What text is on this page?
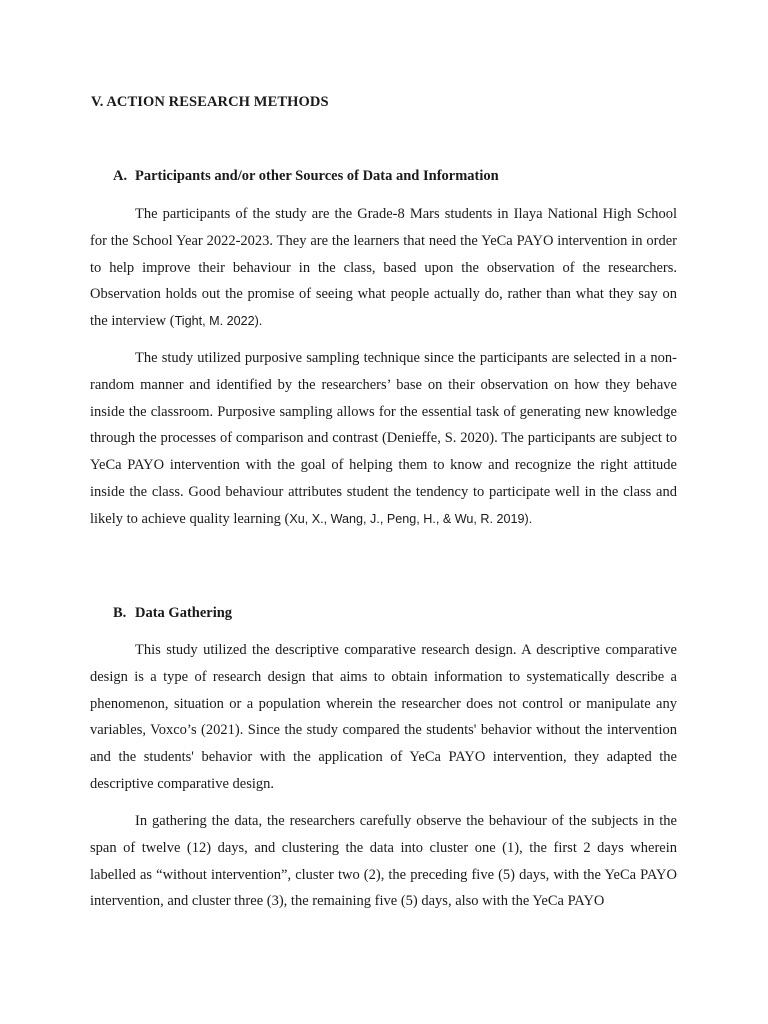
V. ACTION RESEARCH METHODS
A. Participants and/or other Sources of Data and Information

The participants of the study are the Grade-8 Mars students in Ilaya National High School for the School Year 2022-2023. They are the learners that need the YeCa PAYO intervention in order to help improve their behaviour in the class, based upon the observation of the researchers. Observation holds out the promise of seeing what people actually do, rather than what they say on the interview (Tight, M. 2022).

The study utilized purposive sampling technique since the participants are selected in a non-random manner and identified by the researchers’ base on their observation on how they behave inside the classroom. Purposive sampling allows for the essential task of generating new knowledge through the processes of comparison and contrast (Denieffe, S. 2020). The participants are subject to YeCa PAYO intervention with the goal of helping them to know and recognize the right attitude inside the class. Good behaviour attributes student the tendency to participate well in the class and likely to achieve quality learning (Xu, X., Wang, J., Peng, H., & Wu, R. 2019).

B. Data Gathering

This study utilized the descriptive comparative research design. A descriptive comparative design is a type of research design that aims to obtain information to systematically describe a phenomenon, situation or a population wherein the researcher does not control or manipulate any variables, Voxco’s (2021). Since the study compared the students' behavior without the intervention and the students' behavior with the application of YeCa PAYO intervention, they adapted the descriptive comparative design.

In gathering the data, the researchers carefully observe the behaviour of the subjects in the span of twelve (12) days, and clustering the data into cluster one (1), the first 2 days wherein labelled as “without intervention”, cluster two (2), the preceding five (5) days, with the YeCa PAYO intervention, and cluster three (3), the remaining five (5) days, also with the YeCa PAYO
